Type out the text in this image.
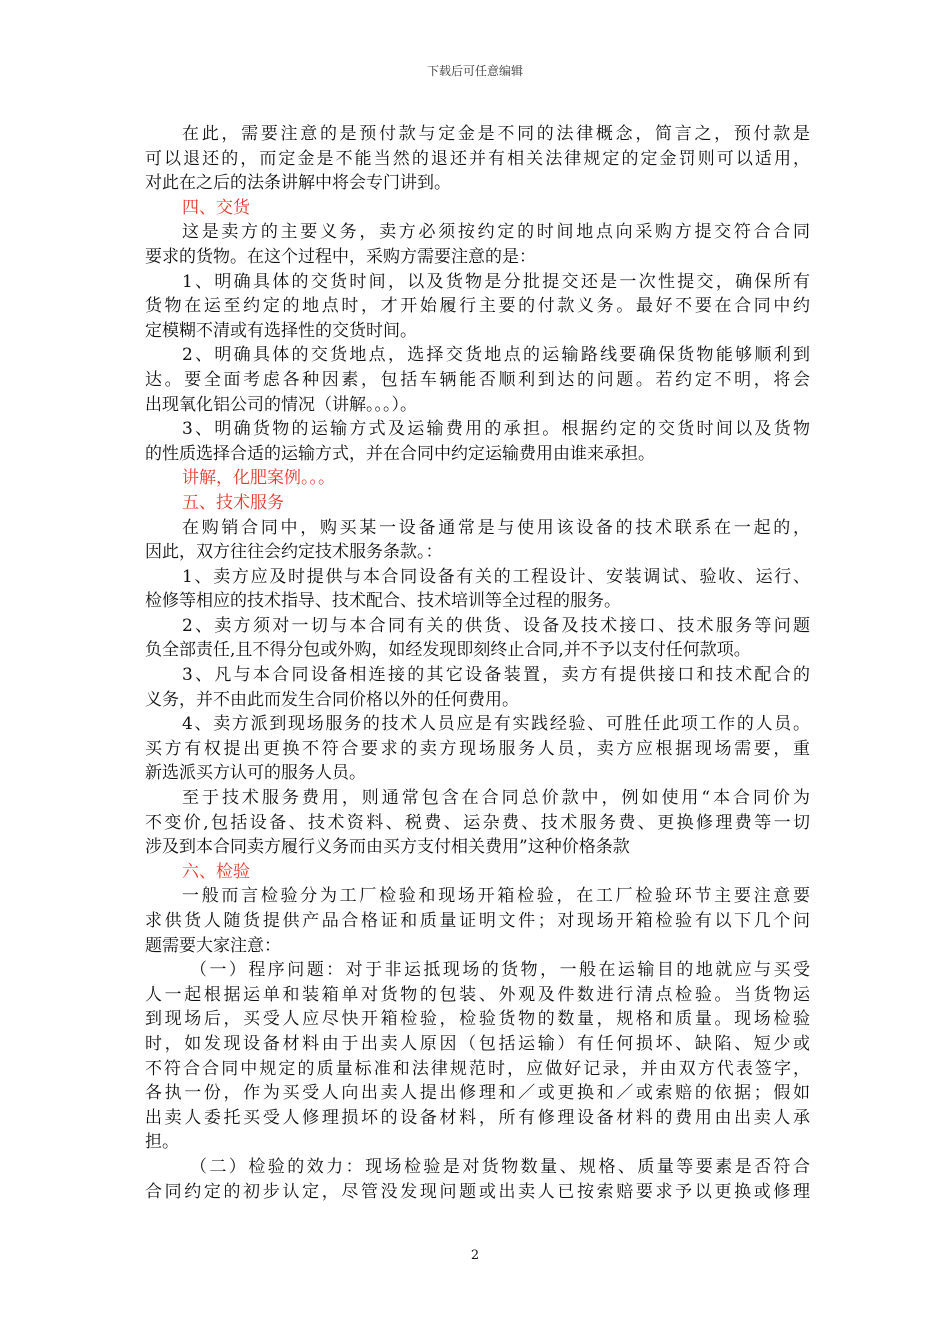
下载后可任意编辑
在此，需要注意的是预付款与定金是不同的法律概念，简言之，预付款是
可以退还的，而定金是不能当然的退还并有相关法律规定的定金罚则可以适用，
对此在之后的法条讲解中将会专门讲到。
四、交货
这是卖方的主要义务，卖方必须按约定的时间地点向采购方提交符合合同
要求的货物。在这个过程中，采购方需要注意的是：
1、明确具体的交货时间，以及货物是分批提交还是一次性提交，确保所有
货物在运至约定的地点时，才开始履行主要的付款义务。最好不要在合同中约
定模糊不清或有选择性的交货时间。
2、明确具体的交货地点，选择交货地点的运输路线要确保货物能够顺利到
达。要全面考虑各种因素，包括车辆能否顺利到达的问题。若约定不明，将会
出现氧化铝公司的情况（讲解。。。）。
3、明确货物的运输方式及运输费用的承担。根据约定的交货时间以及货物
的性质选择合适的运输方式，并在合同中约定运输费用由谁来承担。
讲解，化肥案例。。。
五、技术服务
在购销合同中，购买某一设备通常是与使用该设备的技术联系在一起的，
因此，双方往往会约定技术服务条款。：
1、卖方应及时提供与本合同设备有关的工程设计、安装调试、验收、运行、
检修等相应的技术指导、技术配合、技术培训等全过程的服务。
2、卖方须对一切与本合同有关的供货、设备及技术接口、技术服务等问题
负全部责任,且不得分包或外购，如经发现即刻终止合同,并不予以支付任何款项。
3、凡与本合同设备相连接的其它设备装置，卖方有提供接口和技术配合的
义务，并不由此而发生合同价格以外的任何费用。
4、卖方派到现场服务的技术人员应是有实践经验、可胜任此项工作的人员。
买方有权提出更换不符合要求的卖方现场服务人员，卖方应根据现场需要，重
新选派买方认可的服务人员。
至于技术服务费用，则通常包含在合同总价款中，例如使用“本合同价为
不变价,包括设备、技术资料、税费、运杂费、技术服务费、更换修理费等一切
涉及到本合同卖方履行义务而由买方支付相关费用”这种价格条款
六、检验
一般而言检验分为工厂检验和现场开箱检验，在工厂检验环节主要注意要
求供货人随货提供产品合格证和质量证明文件；对现场开箱检验有以下几个问
题需要大家注意：
（一）程序问题：对于非运抵现场的货物，一般在运输目的地就应与买受
人一起根据运单和装箱单对货物的包装、外观及件数进行清点检验。当货物运
到现场后，买受人应尽快开箱检验，检验货物的数量，规格和质量。现场检验
时，如发现设备材料由于出卖人原因（包括运输）有任何损坏、缺陷、短少或
不符合合同中规定的质量标准和法律规范时，应做好记录，并由双方代表签字，
各执一份，作为买受人向出卖人提出修理和／或更换和／或索赔的依据；假如
出卖人委托买受人修理损坏的设备材料，所有修理设备材料的费用由出卖人承
担。
（二）检验的效力：现场检验是对货物数量、规格、质量等要素是否符合
合同约定的初步认定，尽管没发现问题或出卖人已按索赔要求予以更换或修理
2
